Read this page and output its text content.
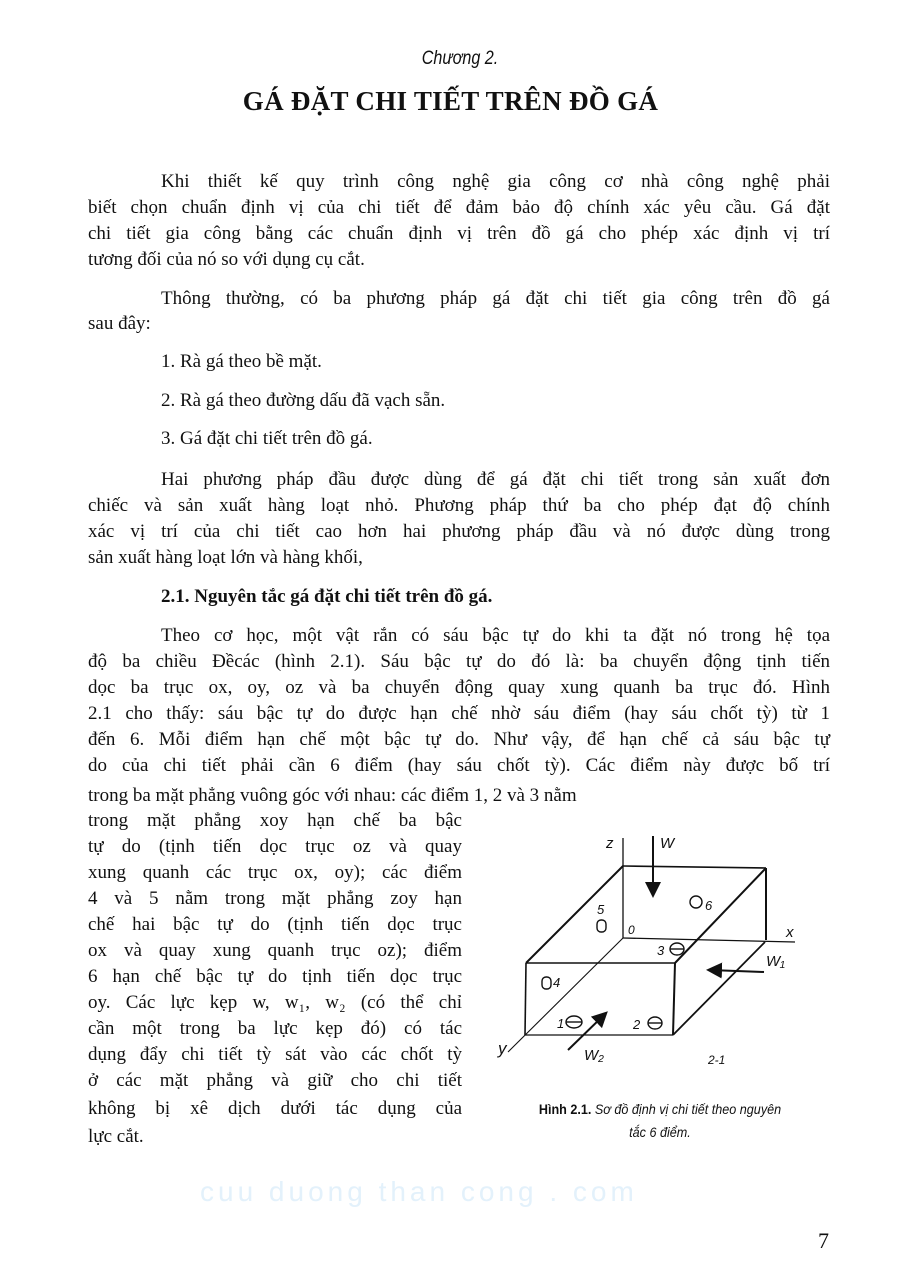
Chương 2.
GÁ ĐẶT CHI TIẾT TRÊN ĐỒ GÁ
cuu duong than cong . com
Khi thiết kế quy trình công nghệ gia công cơ nhà công nghệ phải
biết chọn chuẩn định vị của chi tiết để đảm bảo độ chính xác yêu cầu. Gá đặt
chi tiết gia công bằng các chuẩn định vị trên đồ gá cho phép xác định vị trí
tương đối của nó so với dụng cụ cắt.
Thông thường, có ba phương pháp gá đặt chi tiết gia công trên đồ gá
sau đây:
1. Rà gá theo bề mặt.
2. Rà gá theo đường dấu đã vạch sẵn.
3. Gá đặt chi tiết trên đồ gá.
Hai phương pháp đầu được dùng để gá đặt chi tiết trong sản xuất đơn
chiếc và sản xuất hàng loạt nhỏ. Phương pháp thứ ba cho phép đạt độ chính
xác vị trí của chi tiết cao hơn hai phương pháp đầu và nó được dùng trong
sản xuất hàng loạt lớn và hàng khối,
2.1. Nguyên tắc gá đặt chi tiết trên đồ gá.
Theo cơ học, một vật rắn có sáu bậc tự do khi ta đặt nó trong hệ tọa
độ ba chiều Đềcác (hình 2.1). Sáu bậc tự do đó là: ba chuyển động tịnh tiến
dọc ba trục ox, oy, oz và ba chuyển động quay xung quanh ba trục đó. Hình
2.1 cho thấy: sáu bậc tự do được hạn chế nhờ sáu điểm (hay sáu chốt tỳ) từ 1
đến 6. Mỗi điểm hạn chế một bậc tự do. Như vậy, để hạn chế cả sáu bậc tự
do của chi tiết phải cần 6 điểm (hay sáu chốt tỳ). Các điểm này được bố trí
trong ba mặt phẳng vuông góc với nhau: các điểm 1, 2 và 3 nằm
trong mặt phẳng xoy hạn chế ba bậc
tự do (tịnh tiến dọc trục oz và quay
xung quanh các trục ox, oy); các điểm
4 và 5 nằm trong mặt phẳng zoy hạn
chế hai bậc tự do (tịnh tiến dọc trục
ox và quay xung quanh trục oz); điểm
6 hạn chế bậc tự do tịnh tiến dọc trục
oy. Các lực kẹp w, w₁, w₂ (có thể chỉ
cần một trong ba lực kẹp đó) có tác
dụng đẩy chi tiết tỳ sát vào các chốt tỳ
ở các mặt phẳng và giữ cho chi tiết
không bị xê dịch dưới tác dụng của
lực cắt.
z	W
x
y
0
5	6
3
4
1	2
W₁
W₂	2-1
Hình 2.1. Sơ đồ định vị chi tiết theo nguyên
tắc 6 điểm.
7
